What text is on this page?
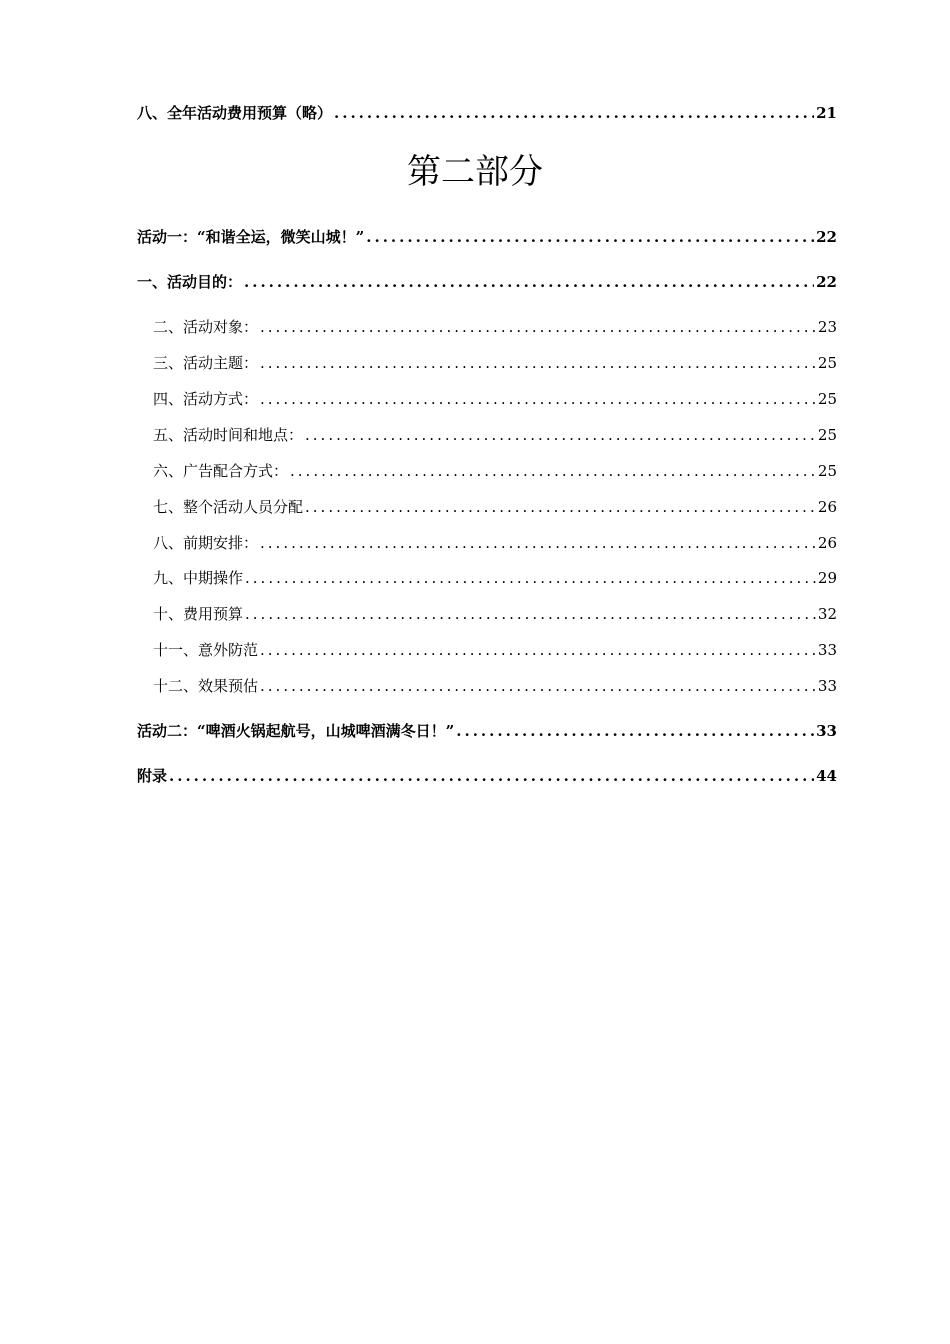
八、全年活动费用预算（略） .....	21
第二部分
活动一：“和谐全运，微笑山城！” .....	22
一、活动目的： .....	22
二、活动对象： .....	23
三、活动主题： .....	25
四、活动方式： .....	25
五、活动时间和地点： .....	25
六、广告配合方式： .....	25
七、整个活动人员分配 .....	26
八、前期安排： .....	26
九、中期操作 .....	29
十、费用预算 .....	32
十一、意外防范 .....	33
十二、效果预估 .....	33
活动二：“啤酒火锅起航号，山城啤酒满冬日！” .....	33
附录 .....	44
